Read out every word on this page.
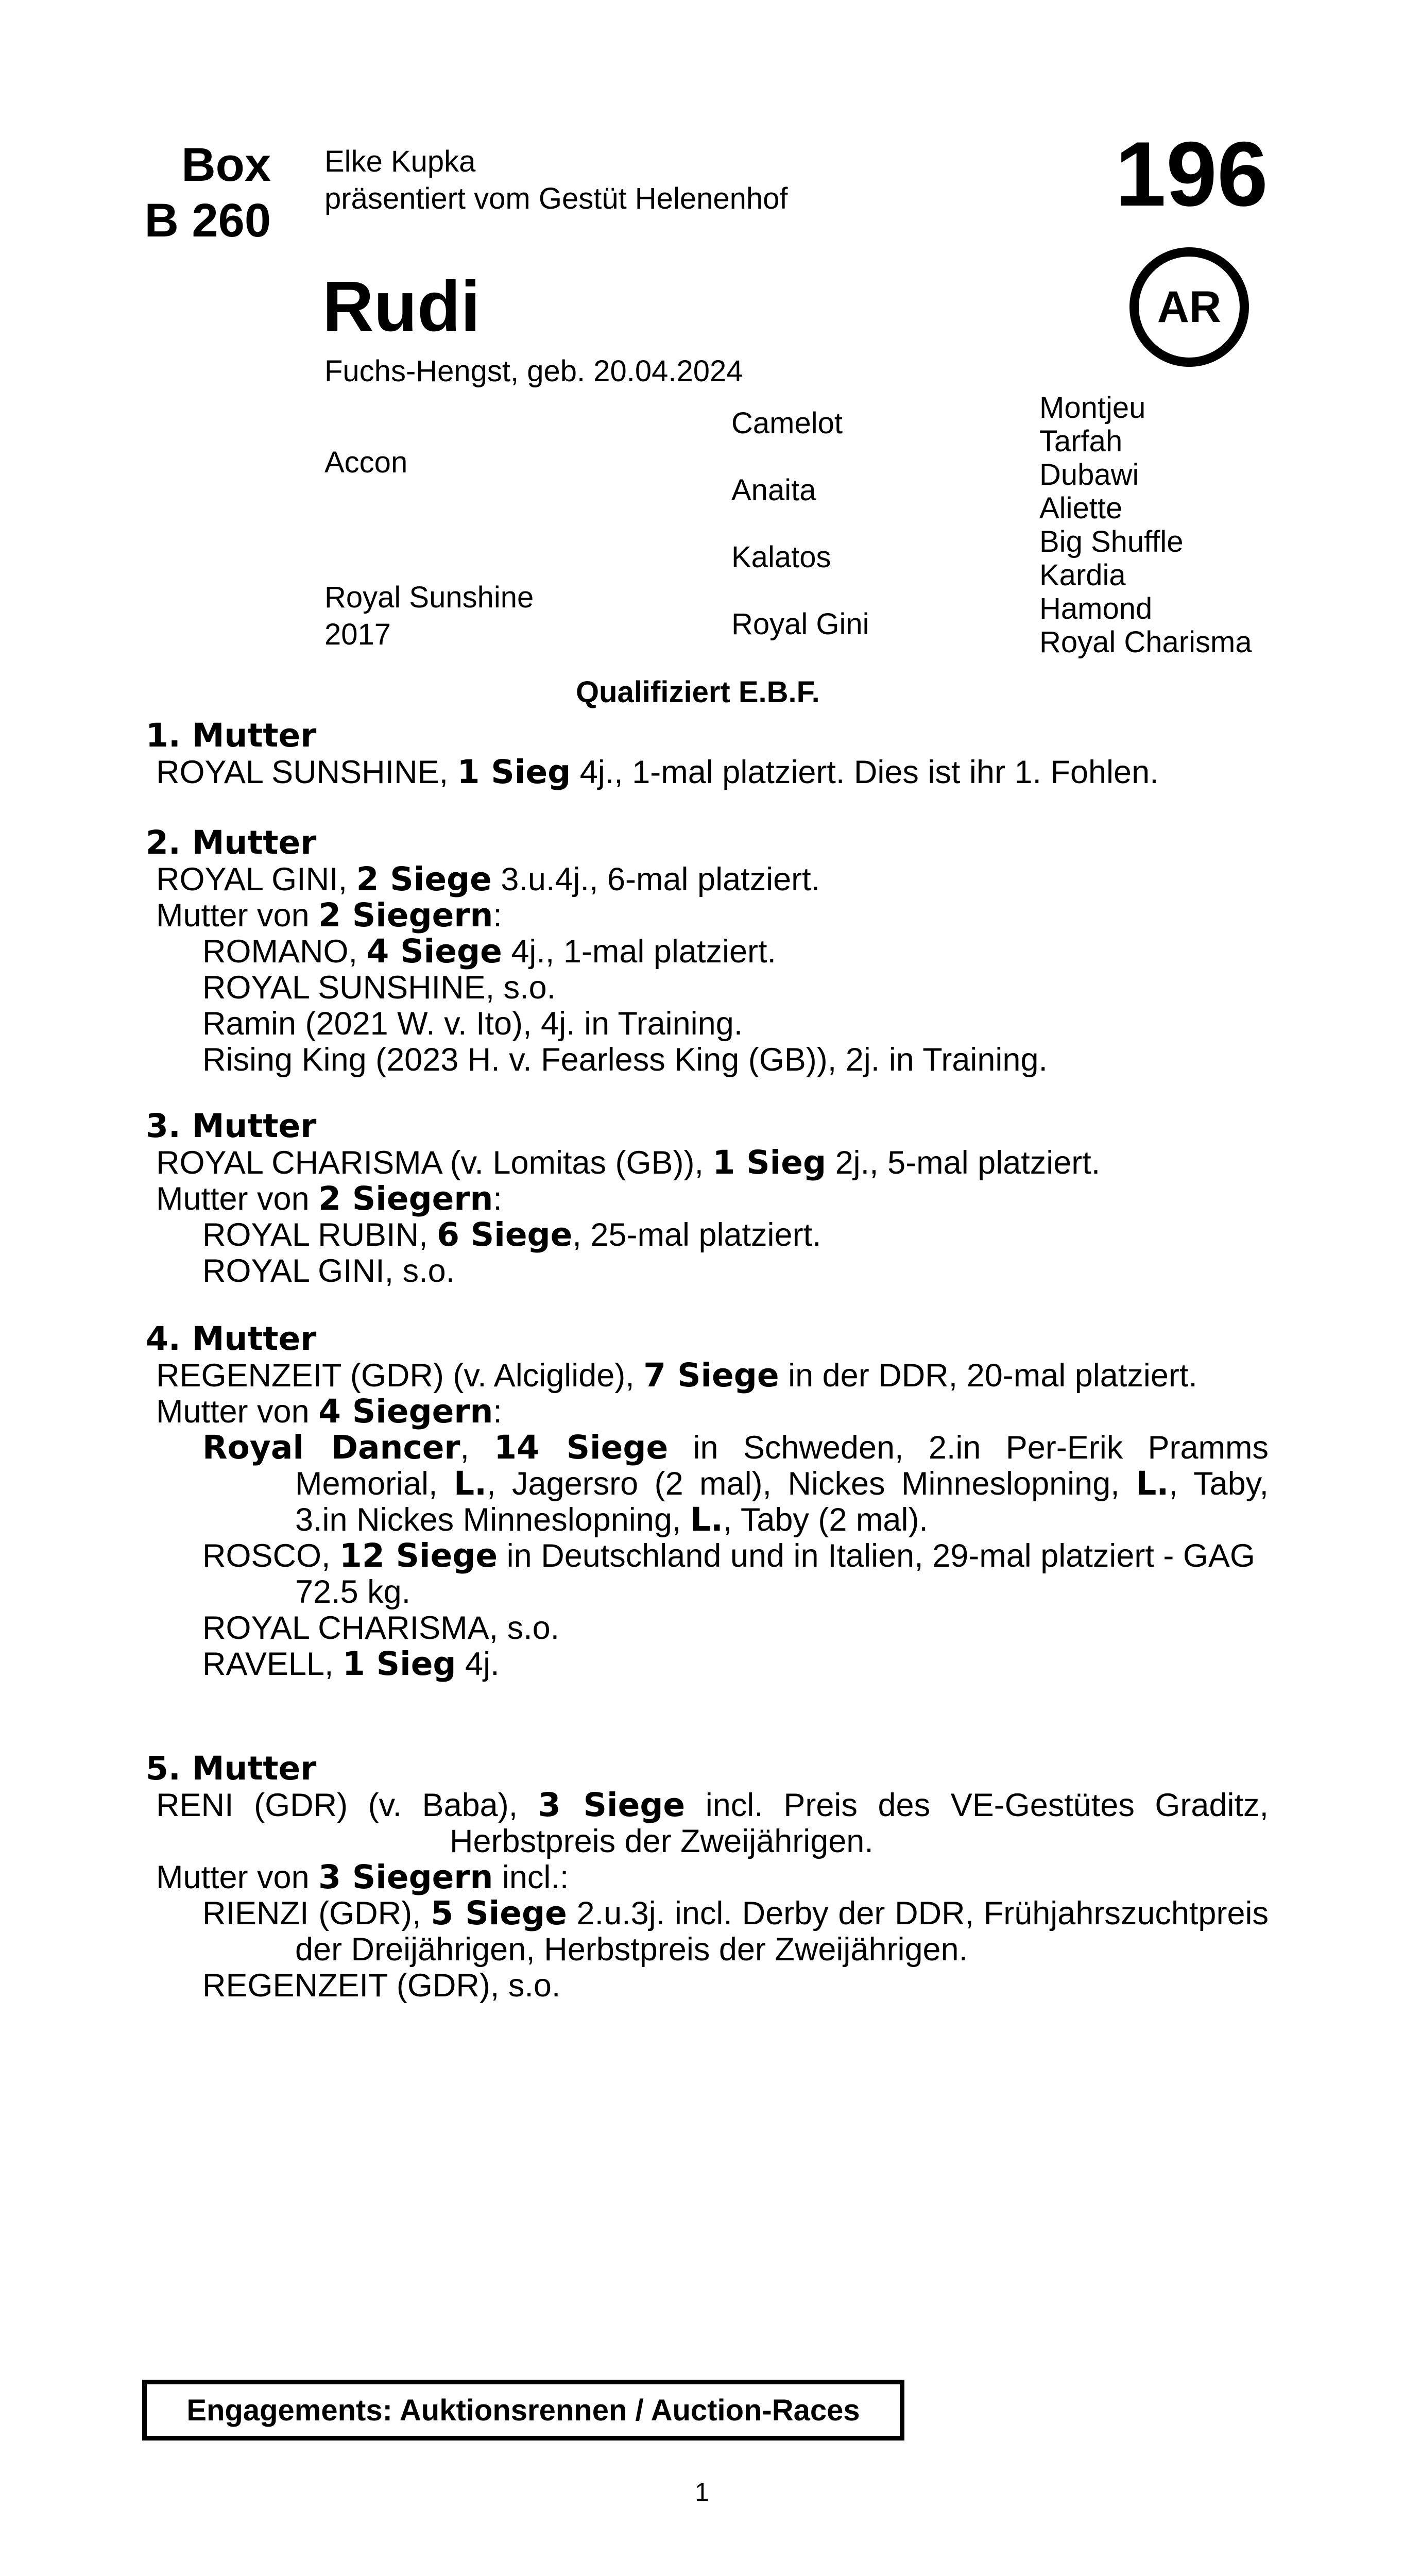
Box
B 260
Elke Kupka
präsentiert vom Gestüt Helenenhof	196
AR
Rudi
Fuchs-Hengst, geb. 20.04.2024
Accon
Royal Sunshine
2017
Camelot
Anaita
Kalatos
Royal Gini
Montjeu
Tarfah
Dubawi
Aliette
Big Shuffle
Kardia
Hamond
Royal Charisma
Qualifiziert E.B.F.
1. Mutter
ROYAL SUNSHINE, 1 Sieg 4j., 1-mal platziert. Dies ist ihr 1. Fohlen.
2. Mutter
ROYAL GINI, 2 Siege 3.u.4j., 6-mal platziert.
Mutter von 2 Siegern:
ROMANO, 4 Siege 4j., 1-mal platziert.
ROYAL SUNSHINE, s.o.
Ramin (2021 W. v. Ito), 4j. in Training.
Rising King (2023 H. v. Fearless King (GB)), 2j. in Training.
3. Mutter
ROYAL CHARISMA (v. Lomitas (GB)), 1 Sieg 2j., 5-mal platziert.
Mutter von 2 Siegern:
ROYAL RUBIN, 6 Siege, 25-mal platziert.
ROYAL GINI, s.o.
4. Mutter
REGENZEIT (GDR) (v. Alciglide), 7 Siege in der DDR, 20-mal platziert.
Mutter von 4 Siegern:
Royal Dancer, 14 Siege in Schweden, 2.in Per-Erik Pramms Memorial, L., Jagersro (2 mal), Nickes Minneslopning, L., Taby, 3.in Nickes Minneslopning, L., Taby (2 mal).
ROSCO, 12 Siege in Deutschland und in Italien, 29-mal platziert - GAG 72.5 kg.
ROYAL CHARISMA, s.o.
RAVELL, 1 Sieg 4j.
5. Mutter
RENI (GDR) (v. Baba), 3 Siege incl. Preis des VE-Gestütes Graditz, Herbstpreis der Zweijährigen.
Mutter von 3 Siegern incl.:
RIENZI (GDR), 5 Siege 2.u.3j. incl. Derby der DDR, Frühjahrszuchtpreis der Dreijährigen, Herbstpreis der Zweijährigen.
REGENZEIT (GDR), s.o.
Engagements: Auktionsrennen / Auction-Races
1
